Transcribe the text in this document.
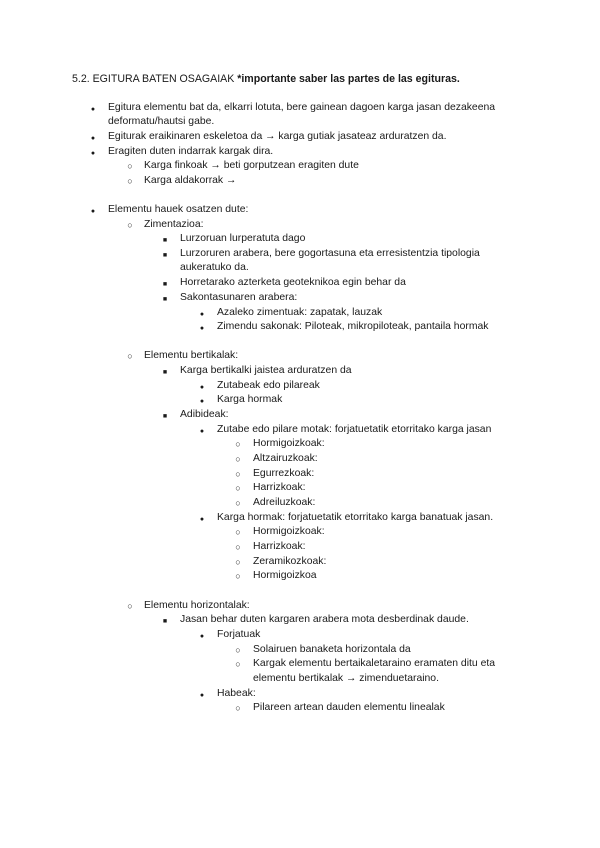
5.2. EGITURA BATEN OSAGAIAK *importante saber las partes de las egituras.
●
Egitura elementu bat da, elkarri lotuta, bere gainean dagoen karga jasan dezakeena
deformatu/hautsi gabe.
●
Egiturak eraikinaren eskeletoa da → karga gutiak jasateaz arduratzen da.
●
Eragiten duten indarrak kargak dira.
○
Karga finkoak → beti gorputzean eragiten dute
○
Karga aldakorrak →
●
Elementu hauek osatzen dute:
○
Zimentazioa:
■
Lurzoruan lurperatuta dago
■
Lurzoruren arabera, bere gogortasuna eta erresistentzia tipologia
aukeratuko da.
■
Horretarako azterketa geoteknikoa egin behar da
■
Sakontasunaren arabera:
●
Azaleko zimentuak: zapatak, lauzak
●
Zimendu sakonak: Piloteak, mikropiloteak, pantaila hormak
○
Elementu bertikalak:
■
Karga bertikalki jaistea arduratzen da
●
Zutabeak edo pilareak
●
Karga hormak
■
Adibideak:
●
Zutabe edo pilare motak: forjatuetatik etorritako karga jasan
○
Hormigoizkoak:
○
Altzairuzkoak:
○
Egurrezkoak:
○
Harrizkoak:
○
Adreiluzkoak:
●
Karga hormak: forjatuetatik etorritako karga banatuak jasan.
○
Hormigoizkoak:
○
Harrizkoak:
○
Zeramikozkoak:
○
Hormigoizkoa
○
Elementu horizontalak:
■
Jasan behar duten kargaren arabera mota desberdinak daude.
●
Forjatuak
○
Solairuen banaketa horizontala da
○
Kargak elementu bertaikaletaraino eramaten ditu eta
elementu bertikalak → zimenduetaraino.
●
Habeak:
○
Pilareen artean dauden elementu linealak
